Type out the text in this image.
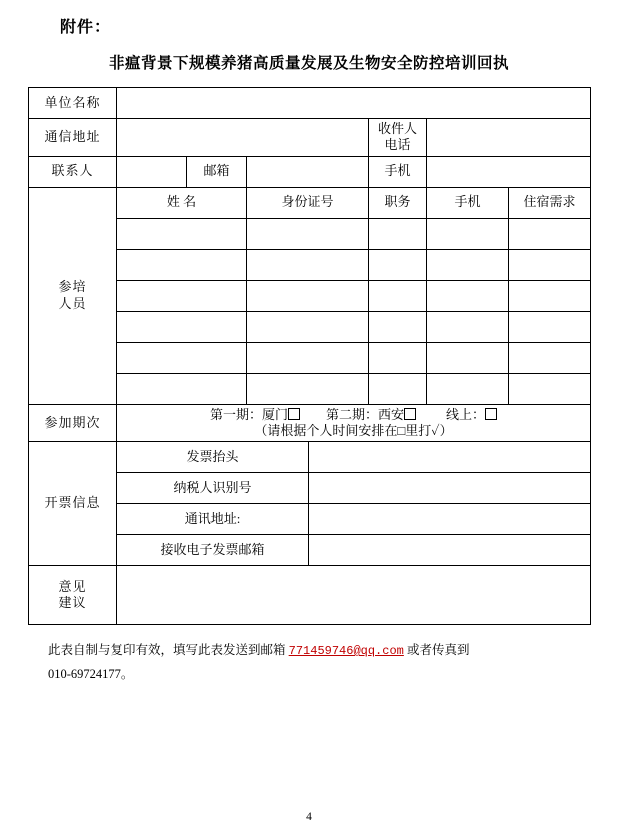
附件：
非瘟背景下规模养猪高质量发展及生物安全防控培训回执
单位名称							
通信地址					收件人
电话		

联系人		邮箱			手机		

参培
人员	姓 名		身份证号		职务	手机	住宿需求

参加期次	第一期：厦门 第二期：西安 线上：
（请根据个人时间安排在□里打✓）						

开票信息	发票抬头						
	纳税人识别号						
	通讯地址:						
	接收电子发票邮箱						

意见
建议							

此表自制与复印有效，填写此表发送到邮箱 771459746@qq.com 或者传真到
010-69724177。
4
